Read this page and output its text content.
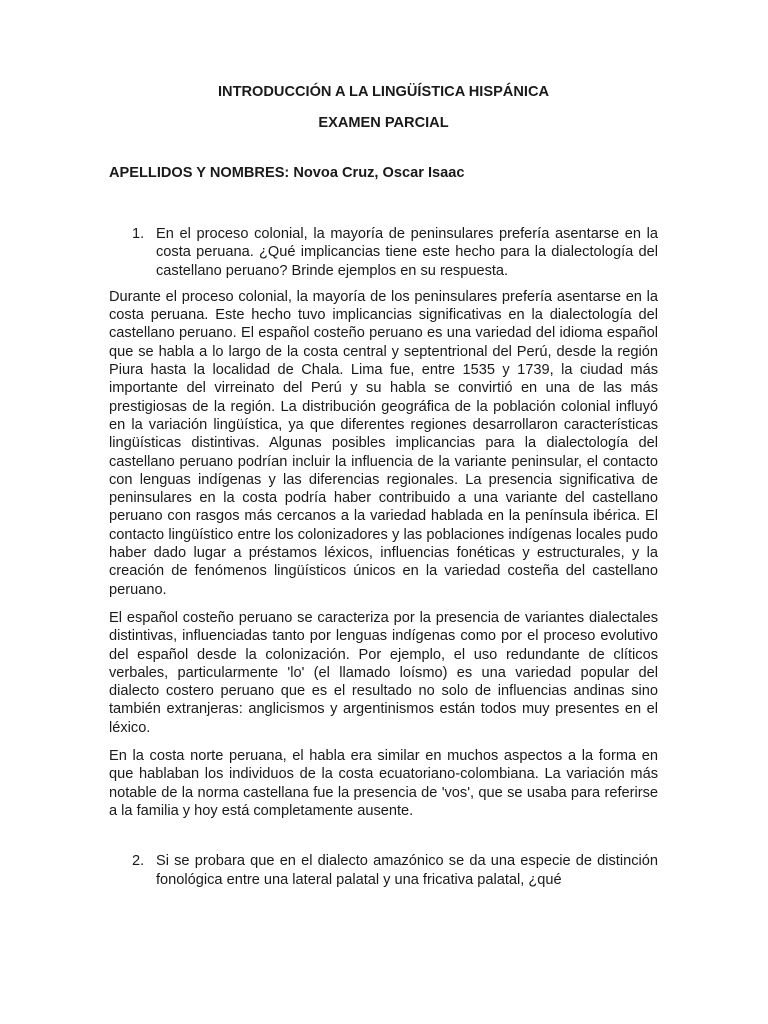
INTRODUCCIÓN A LA LINGÜÍSTICA HISPÁNICA

EXAMEN PARCIAL

APELLIDOS Y NOMBRES: Novoa Cruz, Oscar Isaac
1. En el proceso colonial, la mayoría de peninsulares prefería asentarse en la costa peruana. ¿Qué implicancias tiene este hecho para la dialectología del castellano peruano? Brinde ejemplos en su respuesta.

Durante el proceso colonial, la mayoría de los peninsulares prefería asentarse en la costa peruana. Este hecho tuvo implicancias significativas en la dialectología del castellano peruano. El español costeño peruano es una variedad del idioma español que se habla a lo largo de la costa central y septentrional del Perú, desde la región Piura hasta la localidad de Chala. Lima fue, entre 1535 y 1739, la ciudad más importante del virreinato del Perú y su habla se convirtió en una de las más prestigiosas de la región. La distribución geográfica de la población colonial influyó en la variación lingüística, ya que diferentes regiones desarrollaron características lingüísticas distintivas. Algunas posibles implicancias para la dialectología del castellano peruano podrían incluir la influencia de la variante peninsular, el contacto con lenguas indígenas y las diferencias regionales. La presencia significativa de peninsulares en la costa podría haber contribuido a una variante del castellano peruano con rasgos más cercanos a la variedad hablada en la península ibérica. El contacto lingüístico entre los colonizadores y las poblaciones indígenas locales pudo haber dado lugar a préstamos léxicos, influencias fonéticas y estructurales, y la creación de fenómenos lingüísticos únicos en la variedad costeña del castellano peruano.

El español costeño peruano se caracteriza por la presencia de variantes dialectales distintivas, influenciadas tanto por lenguas indígenas como por el proceso evolutivo del español desde la colonización. Por ejemplo, el uso redundante de clíticos verbales, particularmente 'lo' (el llamado loísmo) es una variedad popular del dialecto costero peruano que es el resultado no solo de influencias andinas sino también extranjeras: anglicismos y argentinismos están todos muy presentes en el léxico.

En la costa norte peruana, el habla era similar en muchos aspectos a la forma en que hablaban los individuos de la costa ecuatoriano-colombiana. La variación más notable de la norma castellana fue la presencia de 'vos', que se usaba para referirse a la familia y hoy está completamente ausente.

2. Si se probara que en el dialecto amazónico se da una especie de distinción fonológica entre una lateral palatal y una fricativa palatal, ¿qué
